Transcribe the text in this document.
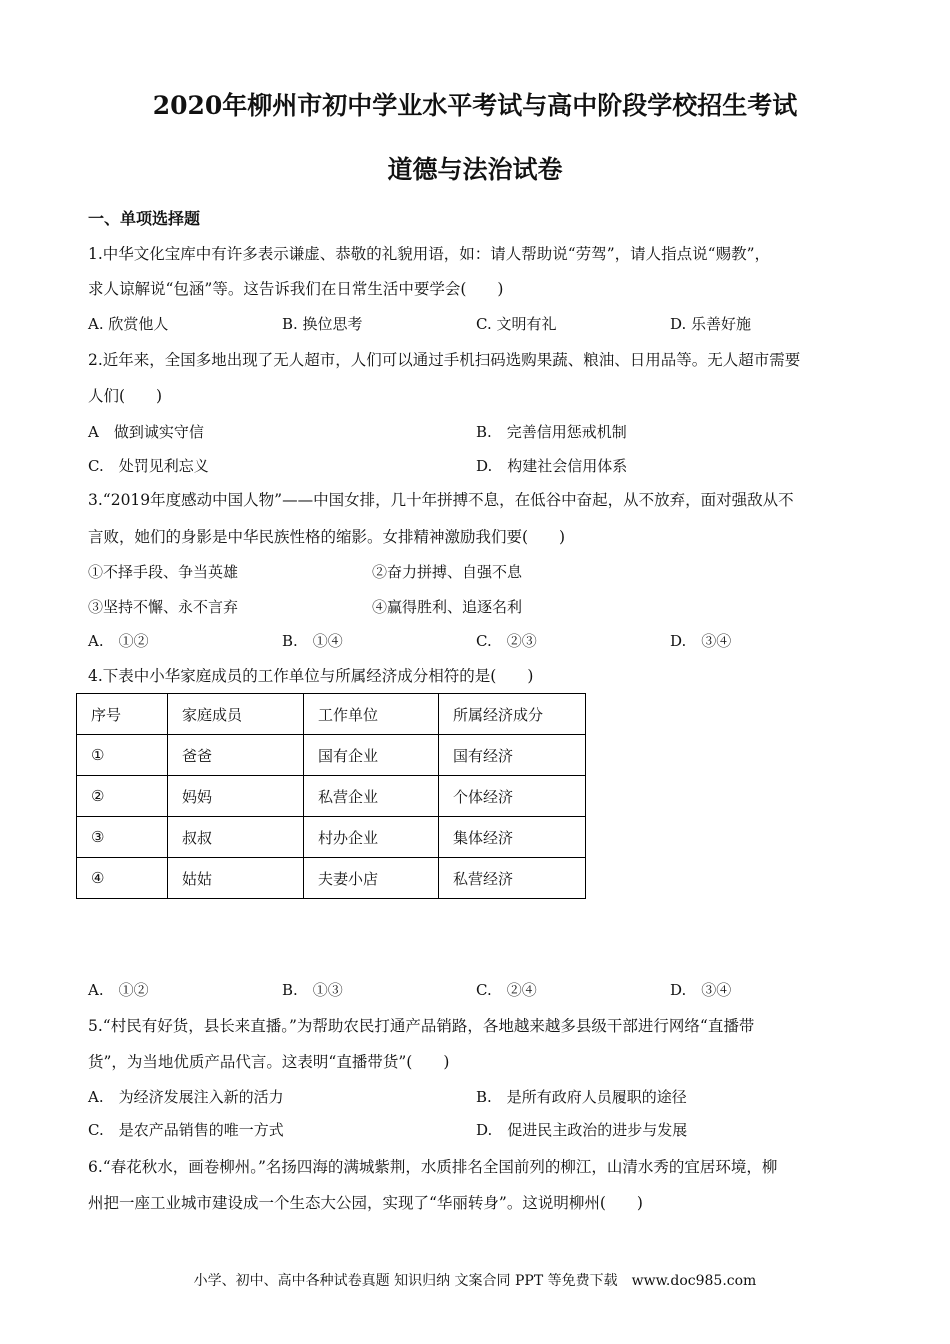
2020年柳州市初中学业水平考试与高中阶段学校招生考试
道德与法治试卷
一、单项选择题
1.中华文化宝库中有许多表示谦虚、恭敬的礼貌用语，如：请人帮助说“劳驾”，请人指点说“赐教”，
求人谅解说“包涵”等。这告诉我们在日常生活中要学会(　　)
A. 欣赏他人	B. 换位思考	C. 文明有礼	D. 乐善好施
2.近年来，全国多地出现了无人超市，人们可以通过手机扫码选购果蔬、粮油、日用品等。无人超市需要
人们(　　)
A　做到诚实守信	B.　完善信用惩戒机制
C.　处罚见利忘义	D.　构建社会信用体系
3.“2019年度感动中国人物”——中国女排，几十年拼搏不息，在低谷中奋起，从不放弃，面对强敌从不
言败，她们的身影是中华民族性格的缩影。女排精神激励我们要(　　)
①不择手段、争当英雄	②奋力拼搏、自强不息
③坚持不懈、永不言弃	④赢得胜利、追逐名利
A.　①②	B.　①④	C.　②③	D.　③④
4.下表中小华家庭成员的工作单位与所属经济成分相符的是(　　)
序号	家庭成员	工作单位	所属经济成分
①	爸爸	国有企业	国有经济
②	妈妈	私营企业	个体经济
③	叔叔	村办企业	集体经济
④	姑姑	夫妻小店	私营经济
A.　①②	B.　①③	C.　②④	D.　③④
5.“村民有好货，县长来直播。”为帮助农民打通产品销路，各地越来越多县级干部进行网络“直播带
货”，为当地优质产品代言。这表明“直播带货”(　　)
A.　为经济发展注入新的活力	B.　是所有政府人员履职的途径
C.　是农产品销售的唯一方式	D.　促进民主政治的进步与发展
6.“春花秋水，画卷柳州。”名扬四海的满城紫荆，水质排名全国前列的柳江，山清水秀的宜居环境，柳
州把一座工业城市建设成一个生态大公园，实现了“华丽转身”。这说明柳州(　　)
小学、初中、高中各种试卷真题 知识归纳 文案合同 PPT 等免费下载　www.doc985.com
